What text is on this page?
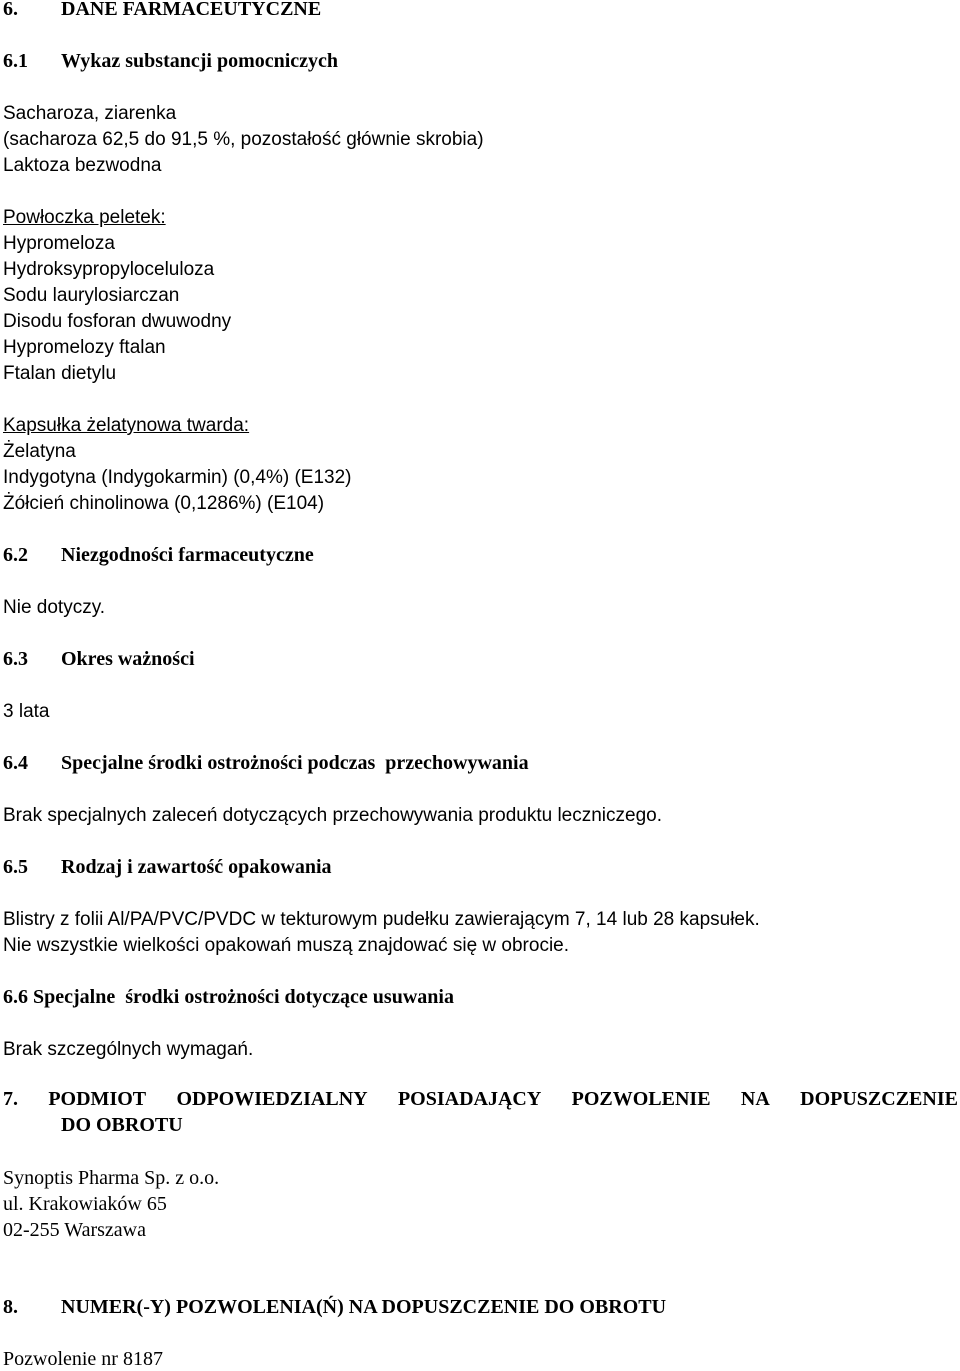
6. DANE FARMACEUTYCZNE
6.1 Wykaz substancji pomocniczych
Sacharoza, ziarenka
(sacharoza 62,5 do 91,5 %, pozostałość głównie skrobia)
Laktoza bezwodna
Powłoczka peletek:
Hypromeloza
Hydroksypropyloceluloza
Sodu laurylosiarczan
Disodu fosforan dwuwodny
Hypromelozy ftalan
Ftalan dietylu
Kapsułka żelatynowa twarda:
Żelatyna
Indygotyna (Indygokarmin) (0,4%) (E132)
Żółcień chinolinowa (0,1286%) (E104)
6.2 Niezgodności farmaceutyczne
Nie dotyczy.
6.3 Okres ważności
3 lata
6.4 Specjalne środki ostrożności podczas  przechowywania
Brak specjalnych zaleceń dotyczących przechowywania produktu leczniczego.
6.5 Rodzaj i zawartość opakowania
Blistry z folii Al/PA/PVC/PVDC w tekturowym pudełku zawierającym 7, 14 lub 28 kapsułek.
Nie wszystkie wielkości opakowań muszą znajdować się w obrocie.
6.6 Specjalne  środki ostrożności dotyczące usuwania
Brak szczególnych wymagań.
7. PODMIOT ODPOWIEDZIALNY POSIADAJĄCY POZWOLENIE NA DOPUSZCZENIE
DO OBROTU
Synoptis Pharma Sp. z o.o.
ul. Krakowiaków 65
02-255 Warszawa
8. NUMER(-Y) POZWOLENIA(Ń) NA DOPUSZCZENIE DO OBROTU
Pozwolenie nr 8187
